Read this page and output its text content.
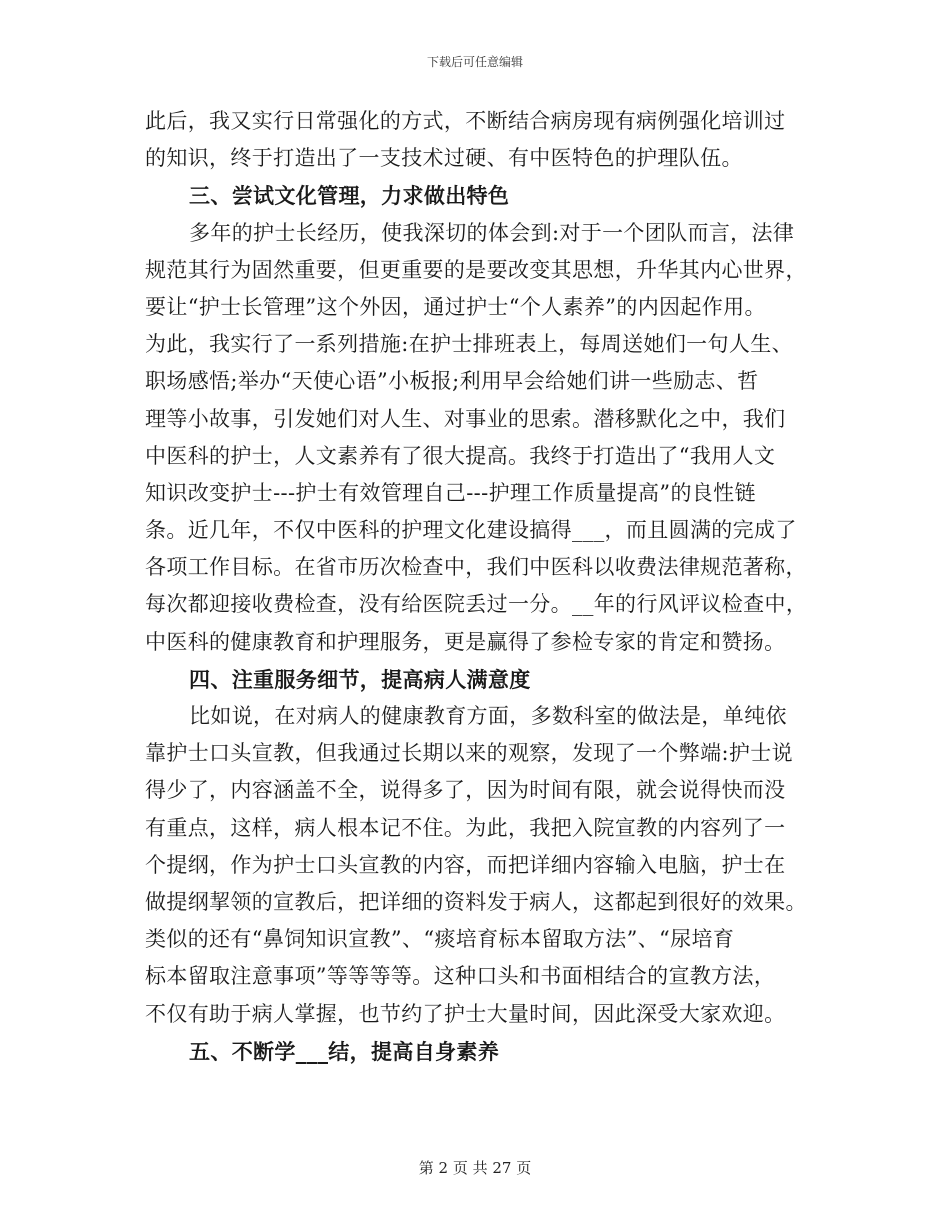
下载后可任意编辑
此后，我又实行日常强化的方式，不断结合病房现有病例强化培训过
的知识，终于打造出了一支技术过硬、有中医特色的护理队伍。
三、尝试文化管理，力求做出特色
多年的护士长经历，使我深切的体会到:对于一个团队而言，法律
规范其行为固然重要，但更重要的是要改变其思想，升华其内心世界，
要让“护士长管理”这个外因，通过护士“个人素养”的内因起作用。
为此，我实行了一系列措施:在护士排班表上，每周送她们一句人生、
职场感悟;举办“天使心语”小板报;利用早会给她们讲一些励志、哲
理等小故事，引发她们对人生、对事业的思索。潜移默化之中，我们
中医科的护士，人文素养有了很大提高。我终于打造出了“我用人文
知识改变护士---护士有效管理自己---护理工作质量提高”的良性链
条。近几年，不仅中医科的护理文化建设搞得___，而且圆满的完成了
各项工作目标。在省市历次检查中，我们中医科以收费法律规范著称，
每次都迎接收费检查，没有给医院丢过一分。__年的行风评议检查中，
中医科的健康教育和护理服务，更是赢得了参检专家的肯定和赞扬。
四、注重服务细节，提高病人满意度
比如说，在对病人的健康教育方面，多数科室的做法是，单纯依
靠护士口头宣教，但我通过长期以来的观察，发现了一个弊端:护士说
得少了，内容涵盖不全，说得多了，因为时间有限，就会说得快而没
有重点，这样，病人根本记不住。为此，我把入院宣教的内容列了一
个提纲，作为护士口头宣教的内容，而把详细内容输入电脑，护士在
做提纲挈领的宣教后，把详细的资料发于病人，这都起到很好的效果。
类似的还有“鼻饲知识宣教”、“痰培育标本留取方法”、“尿培育
标本留取注意事项”等等等等。这种口头和书面相结合的宣教方法，
不仅有助于病人掌握，也节约了护士大量时间，因此深受大家欢迎。
五、不断学___结，提高自身素养
第 2 页 共 27 页
